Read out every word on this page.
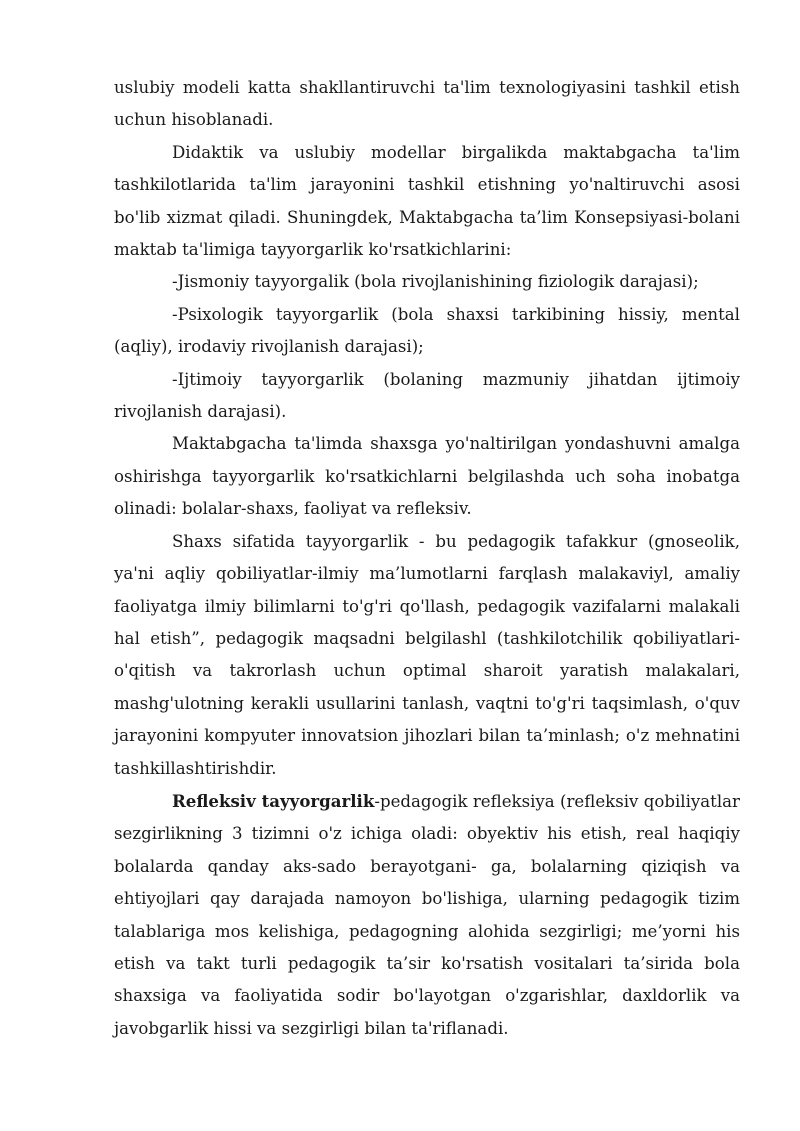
uslubiy modeli katta shakllantiruvchi ta'lim texnologiyasini tashkil etish uchun hisoblanadi.

Didaktik va uslubiy modellar birgalikda maktabgacha ta'lim tashkilotlarida ta'lim jarayonini tashkil etishning yo'naltiruvchi asosi bo'lib xizmat qiladi. Shuningdek, Maktabgacha ta’lim Konsepsiyasi-bolani maktab ta'limiga tayyorgarlik ko'rsatkichlarini:

-Jismoniy tayyorgalik (bola rivojlanishining fiziologik darajasi);

-Psixologik tayyorgarlik (bola shaxsi tarkibining hissiy, mental (aqliy), irodaviy rivojlanish darajasi);

-Ijtimoiy tayyorgarlik (bolaning mazmuniy jihatdan ijtimoiy rivojlanish darajasi).

Maktabgacha ta'limda shaxsga yo'naltirilgan yondashuvni amalga oshirishga tayyorgarlik ko'rsatkichlarni belgilashda uch soha inobatga olinadi: bolalar-shaxs, faoliyat va refleksiv.

Shaxs sifatida tayyorgarlik - bu pedagogik tafakkur (gnoseolik, ya'ni aqliy qobiliyatlar-ilmiy ma’lumotlarni farqlash malakaviyl, amaliy faoliyatga ilmiy bilimlarni to'g'ri qo'llash, pedagogik vazifalarni malakali hal etish”, pedagogik maqsadni belgilashl (tashkilotchilik qobiliyatlari-o'qitish va takrorlash uchun optimal sharoit yaratish malakalari, mashg'ulotning kerakli usullarini tanlash, vaqtni to'g'ri taqsimlash, o'quv jarayonini kompyuter innovatsion jihozlari bilan ta’minlash; o'z mehnatini tashkillashtirishdir.

Refleksiv tayyorgarlik-pedagogik refleksiya (refleksiv qobiliyatlar sezgirlikning 3 tizimni o'z ichiga oladi: obyektiv his etish, real haqiqiy bolalarda qanday aks-sado berayotgani- ga, bolalarning qiziqish va ehtiyojlari qay darajada namoyon bo'lishiga, ularning pedagogik tizim talablariga mos kelishiga, pedagogning alohida sezgirligi; me’yorni his etish va takt turli pedagogik ta’sir ko'rsatish vositalari ta’sirida bola shaxsiga va faoliyatida sodir bo'layotgan o'zgarishlar, daxldorlik va javobgarlik hissi va sezgirligi bilan ta'riflanadi.
